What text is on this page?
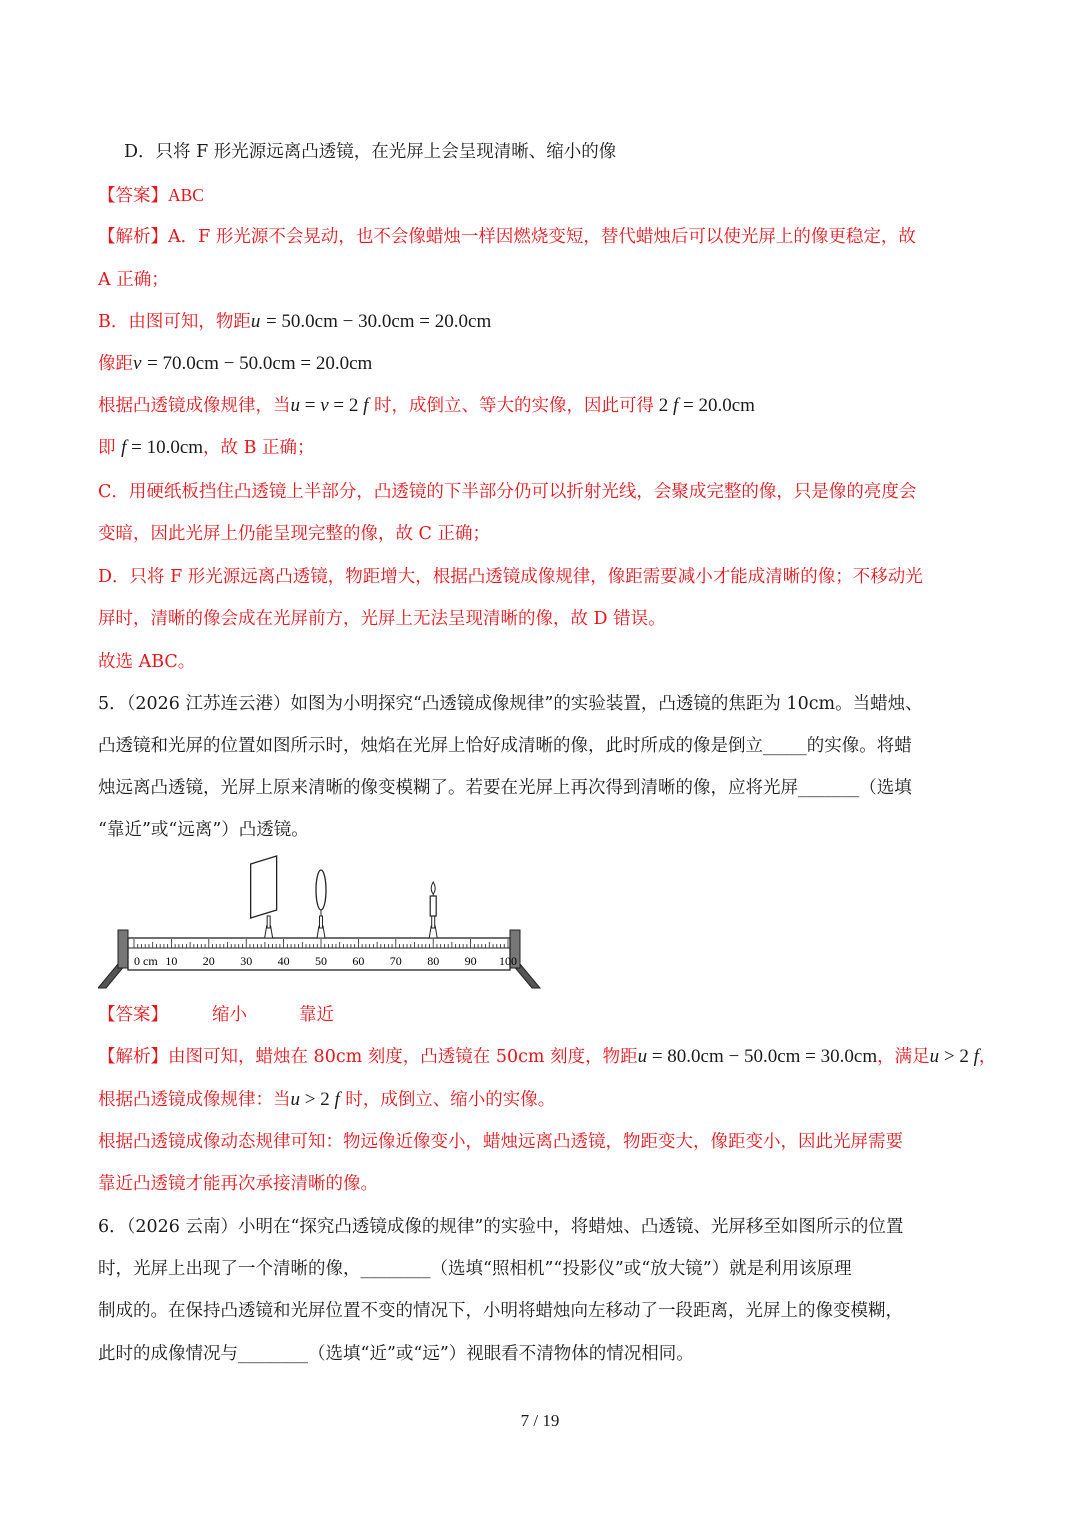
D．只将 F 形光源远离凸透镜，在光屏上会呈现清晰、缩小的像
【答案】ABC
【解析】A．F 形光源不会晃动，也不会像蜡烛一样因燃烧变短，替代蜡烛后可以使光屏上的像更稳定，故
A 正确；
B．由图可知，物距u = 50.0cm − 30.0cm = 20.0cm
像距v = 70.0cm − 50.0cm = 20.0cm
根据凸透镜成像规律，当u = v = 2 f 时，成倒立、等大的实像，因此可得 2 f = 20.0cm
即 f = 10.0cm，故 B 正确；
C．用硬纸板挡住凸透镜上半部分，凸透镜的下半部分仍可以折射光线，会聚成完整的像，只是像的亮度会
变暗，因此光屏上仍能呈现完整的像，故 C 正确；
D．只将 F 形光源远离凸透镜，物距增大，根据凸透镜成像规律，像距需要减小才能成清晰的像；不移动光
屏时，清晰的像会成在光屏前方，光屏上无法呈现清晰的像，故 D 错误。
故选 ABC。
5．（2026 江苏连云港）如图为小明探究“凸透镜成像规律”的实验装置，凸透镜的焦距为 10cm。当蜡烛、
凸透镜和光屏的位置如图所示时，烛焰在光屏上恰好成清晰的像，此时所成的像是倒立_____的实像。将蜡
烛远离凸透镜，光屏上原来清晰的像变模糊了。若要在光屏上再次得到清晰的像，应将光屏_______（选填
“靠近”或“远离”）凸透镜。
0 cm 10 20 30 40 50 60 70 80 90 100
【答案】	缩小	靠近
【解析】由图可知，蜡烛在 80cm 刻度，凸透镜在 50cm 刻度，物距u = 80.0cm − 50.0cm = 30.0cm，满足u > 2 f，
根据凸透镜成像规律：当u > 2 f 时，成倒立、缩小的实像。
根据凸透镜成像动态规律可知：物远像近像变小，蜡烛远离凸透镜，物距变大，像距变小，因此光屏需要
靠近凸透镜才能再次承接清晰的像。
6．（2026 云南）小明在“探究凸透镜成像的规律”的实验中，将蜡烛、凸透镜、光屏移至如图所示的位置
时，光屏上出现了一个清晰的像，________（选填“照相机”“投影仪”或“放大镜”）就是利用该原理
制成的。在保持凸透镜和光屏位置不变的情况下，小明将蜡烛向左移动了一段距离，光屏上的像变模糊，
此时的成像情况与________（选填“近”或“远”）视眼看不清物体的情况相同。
7 / 19
